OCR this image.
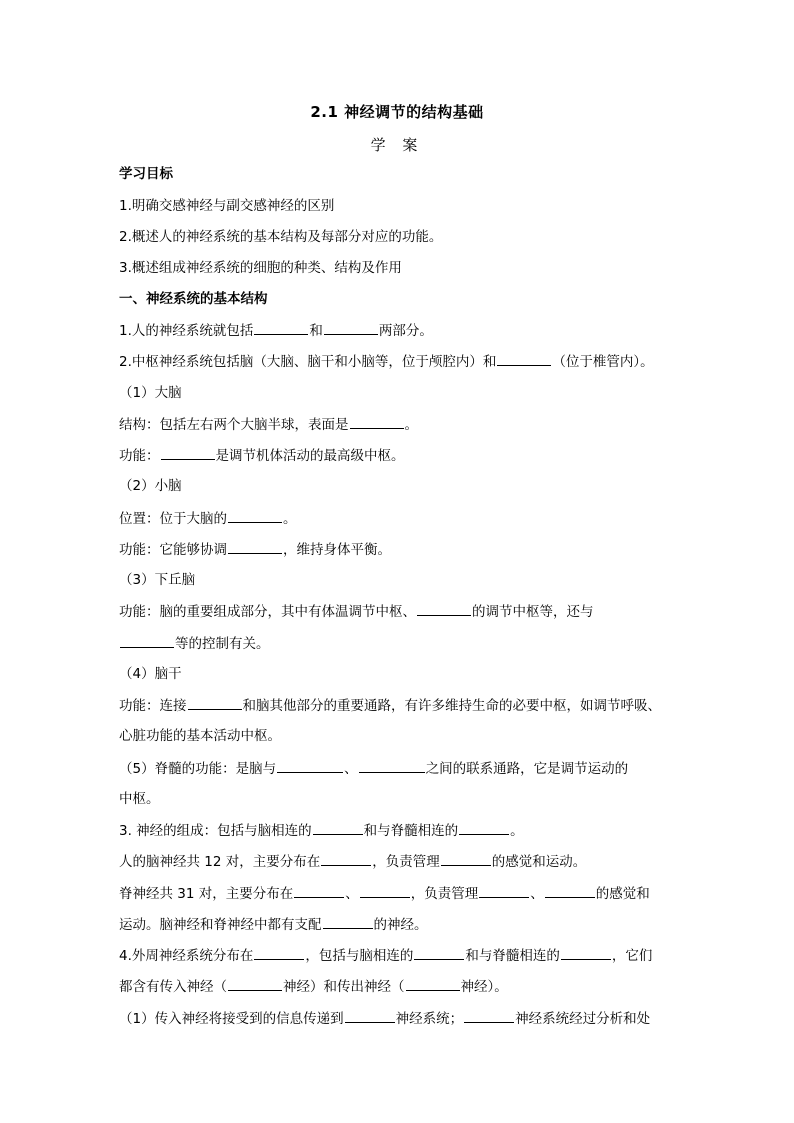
2.1 神经调节的结构基础
学 案
学习目标
1.明确交感神经与副交感神经的区别
2.概述人的神经系统的基本结构及每部分对应的功能。
3.概述组成神经系统的细胞的种类、结构及作用
一、神经系统的基本结构
1.人的神经系统就包括	和	两部分。
2.中枢神经系统包括脑（大脑、脑干和小脑等，位于颅腔内）和	（位于椎管内）。
（1）大脑
结构：包括左右两个大脑半球，表面是	。
功能：	是调节机体活动的最高级中枢。
（2）小脑
位置：位于大脑的	。
功能：它能够协调	，维持身体平衡。
（3）下丘脑
功能：脑的重要组成部分，其中有体温调节中枢、	的调节中枢等，还与
等的控制有关。
（4）脑干
功能：连接	和脑其他部分的重要通路，有许多维持生命的必要中枢，如调节呼吸、
心脏功能的基本活动中枢。
（5）脊髓的功能：是脑与	、	之间的联系通路，它是调节运动的
中枢。
3. 神经的组成：包括与脑相连的	和与脊髓相连的	。
人的脑神经共 12 对，主要分布在	，负责管理	的感觉和运动。
脊神经共 31 对，主要分布在	、	，负责管理	、	的感觉和
运动。脑神经和脊神经中都有支配	的神经。
4.外周神经系统分布在	，包括与脑相连的	和与脊髓相连的	，它们
都含有传入神经（	神经）和传出神经（	神经）。
（1）传入神经将接受到的信息传递到	神经系统；	神经系统经过分析和处
